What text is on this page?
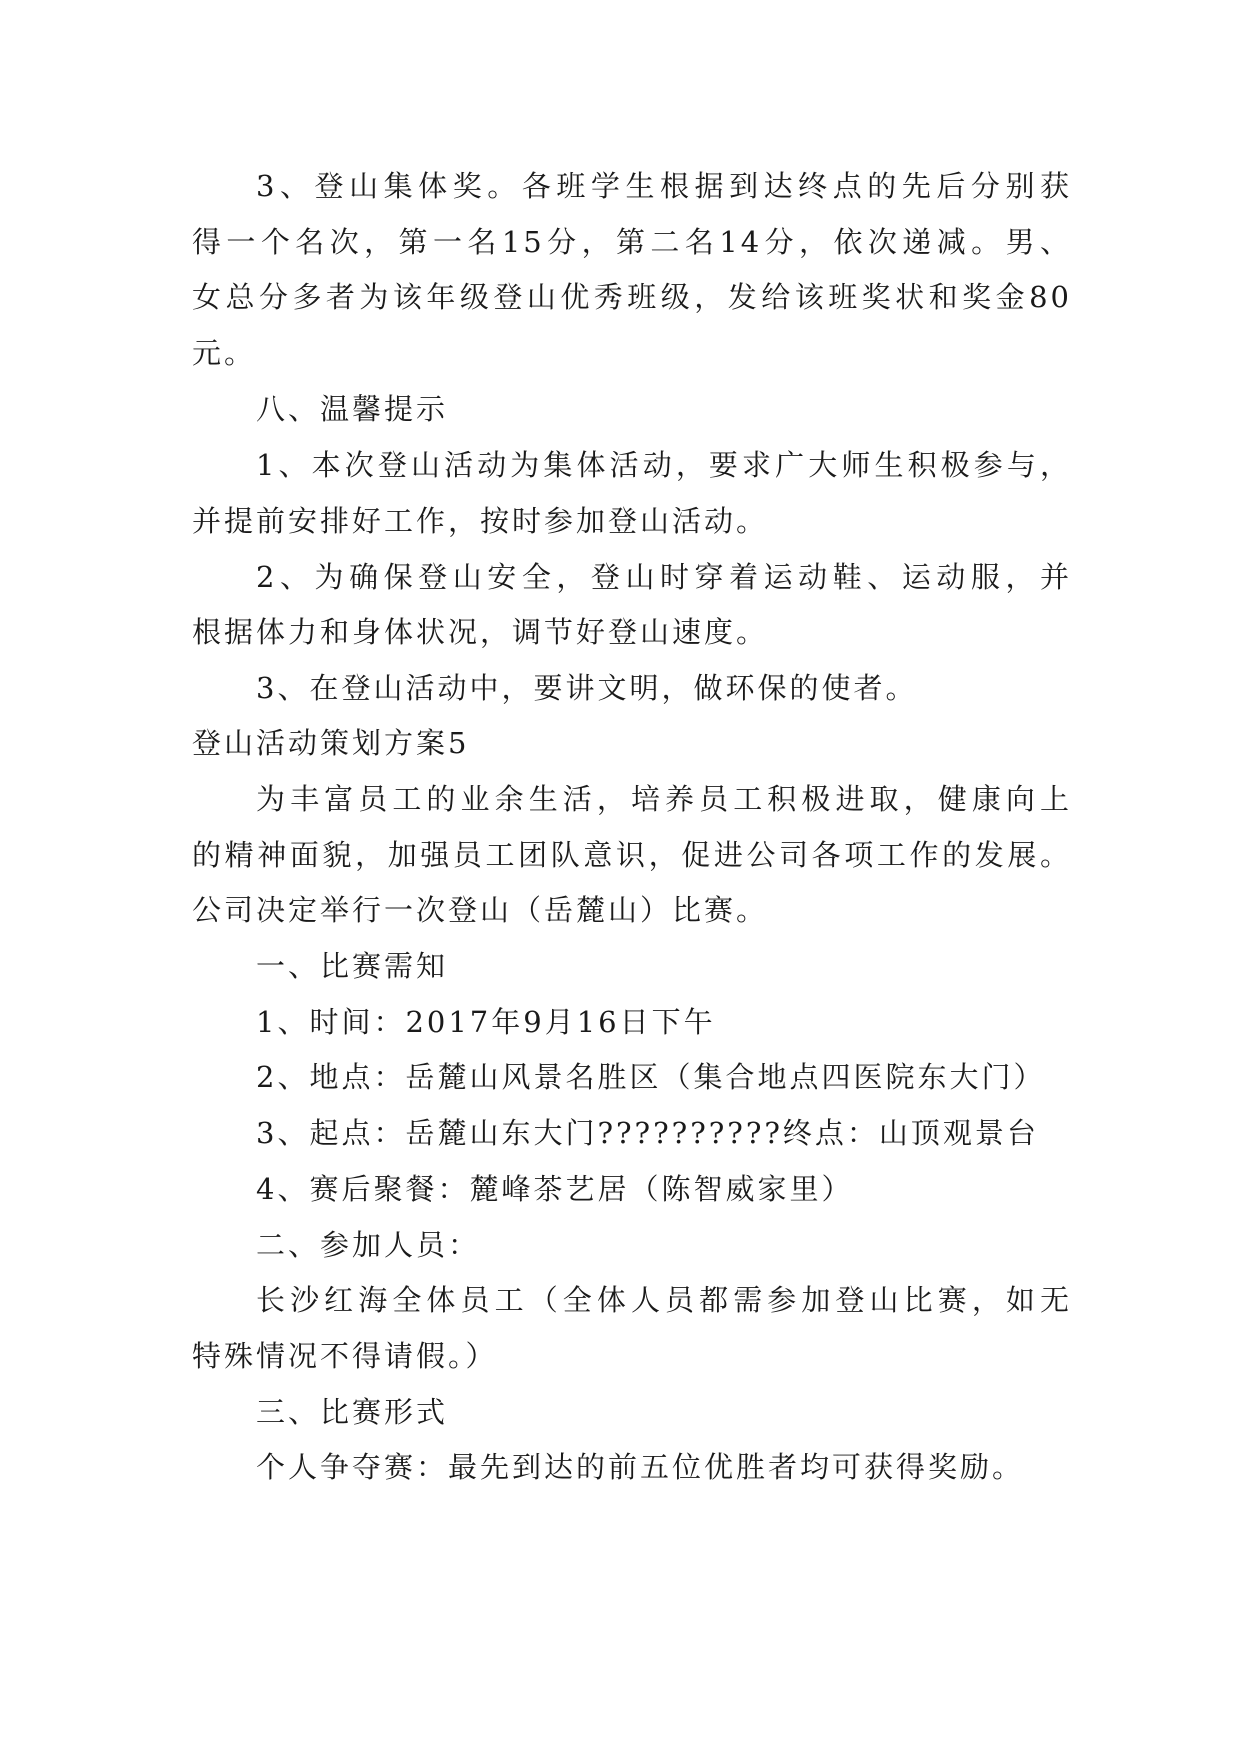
3、登山集体奖。各班学生根据到达终点的先后分别获
得一个名次，第一名15分，第二名14分，依次递减。男、
女总分多者为该年级登山优秀班级，发给该班奖状和奖金80
元。
八、温馨提示
1、本次登山活动为集体活动，要求广大师生积极参与，
并提前安排好工作，按时参加登山活动。
2、为确保登山安全，登山时穿着运动鞋、运动服，并
根据体力和身体状况，调节好登山速度。
3、在登山活动中，要讲文明，做环保的使者。
登山活动策划方案5
为丰富员工的业余生活，培养员工积极进取，健康向上
的精神面貌，加强员工团队意识，促进公司各项工作的发展。
公司决定举行一次登山（岳麓山）比赛。
一、比赛需知
1、时间：2017年9月16日下午
2、地点：岳麓山风景名胜区（集合地点四医院东大门）
3、起点：岳麓山东大门??????????终点：山顶观景台
4、赛后聚餐：麓峰茶艺居（陈智威家里）
二、参加人员：
长沙红海全体员工（全体人员都需参加登山比赛，如无
特殊情况不得请假。）
三、比赛形式
个人争夺赛：最先到达的前五位优胜者均可获得奖励。
